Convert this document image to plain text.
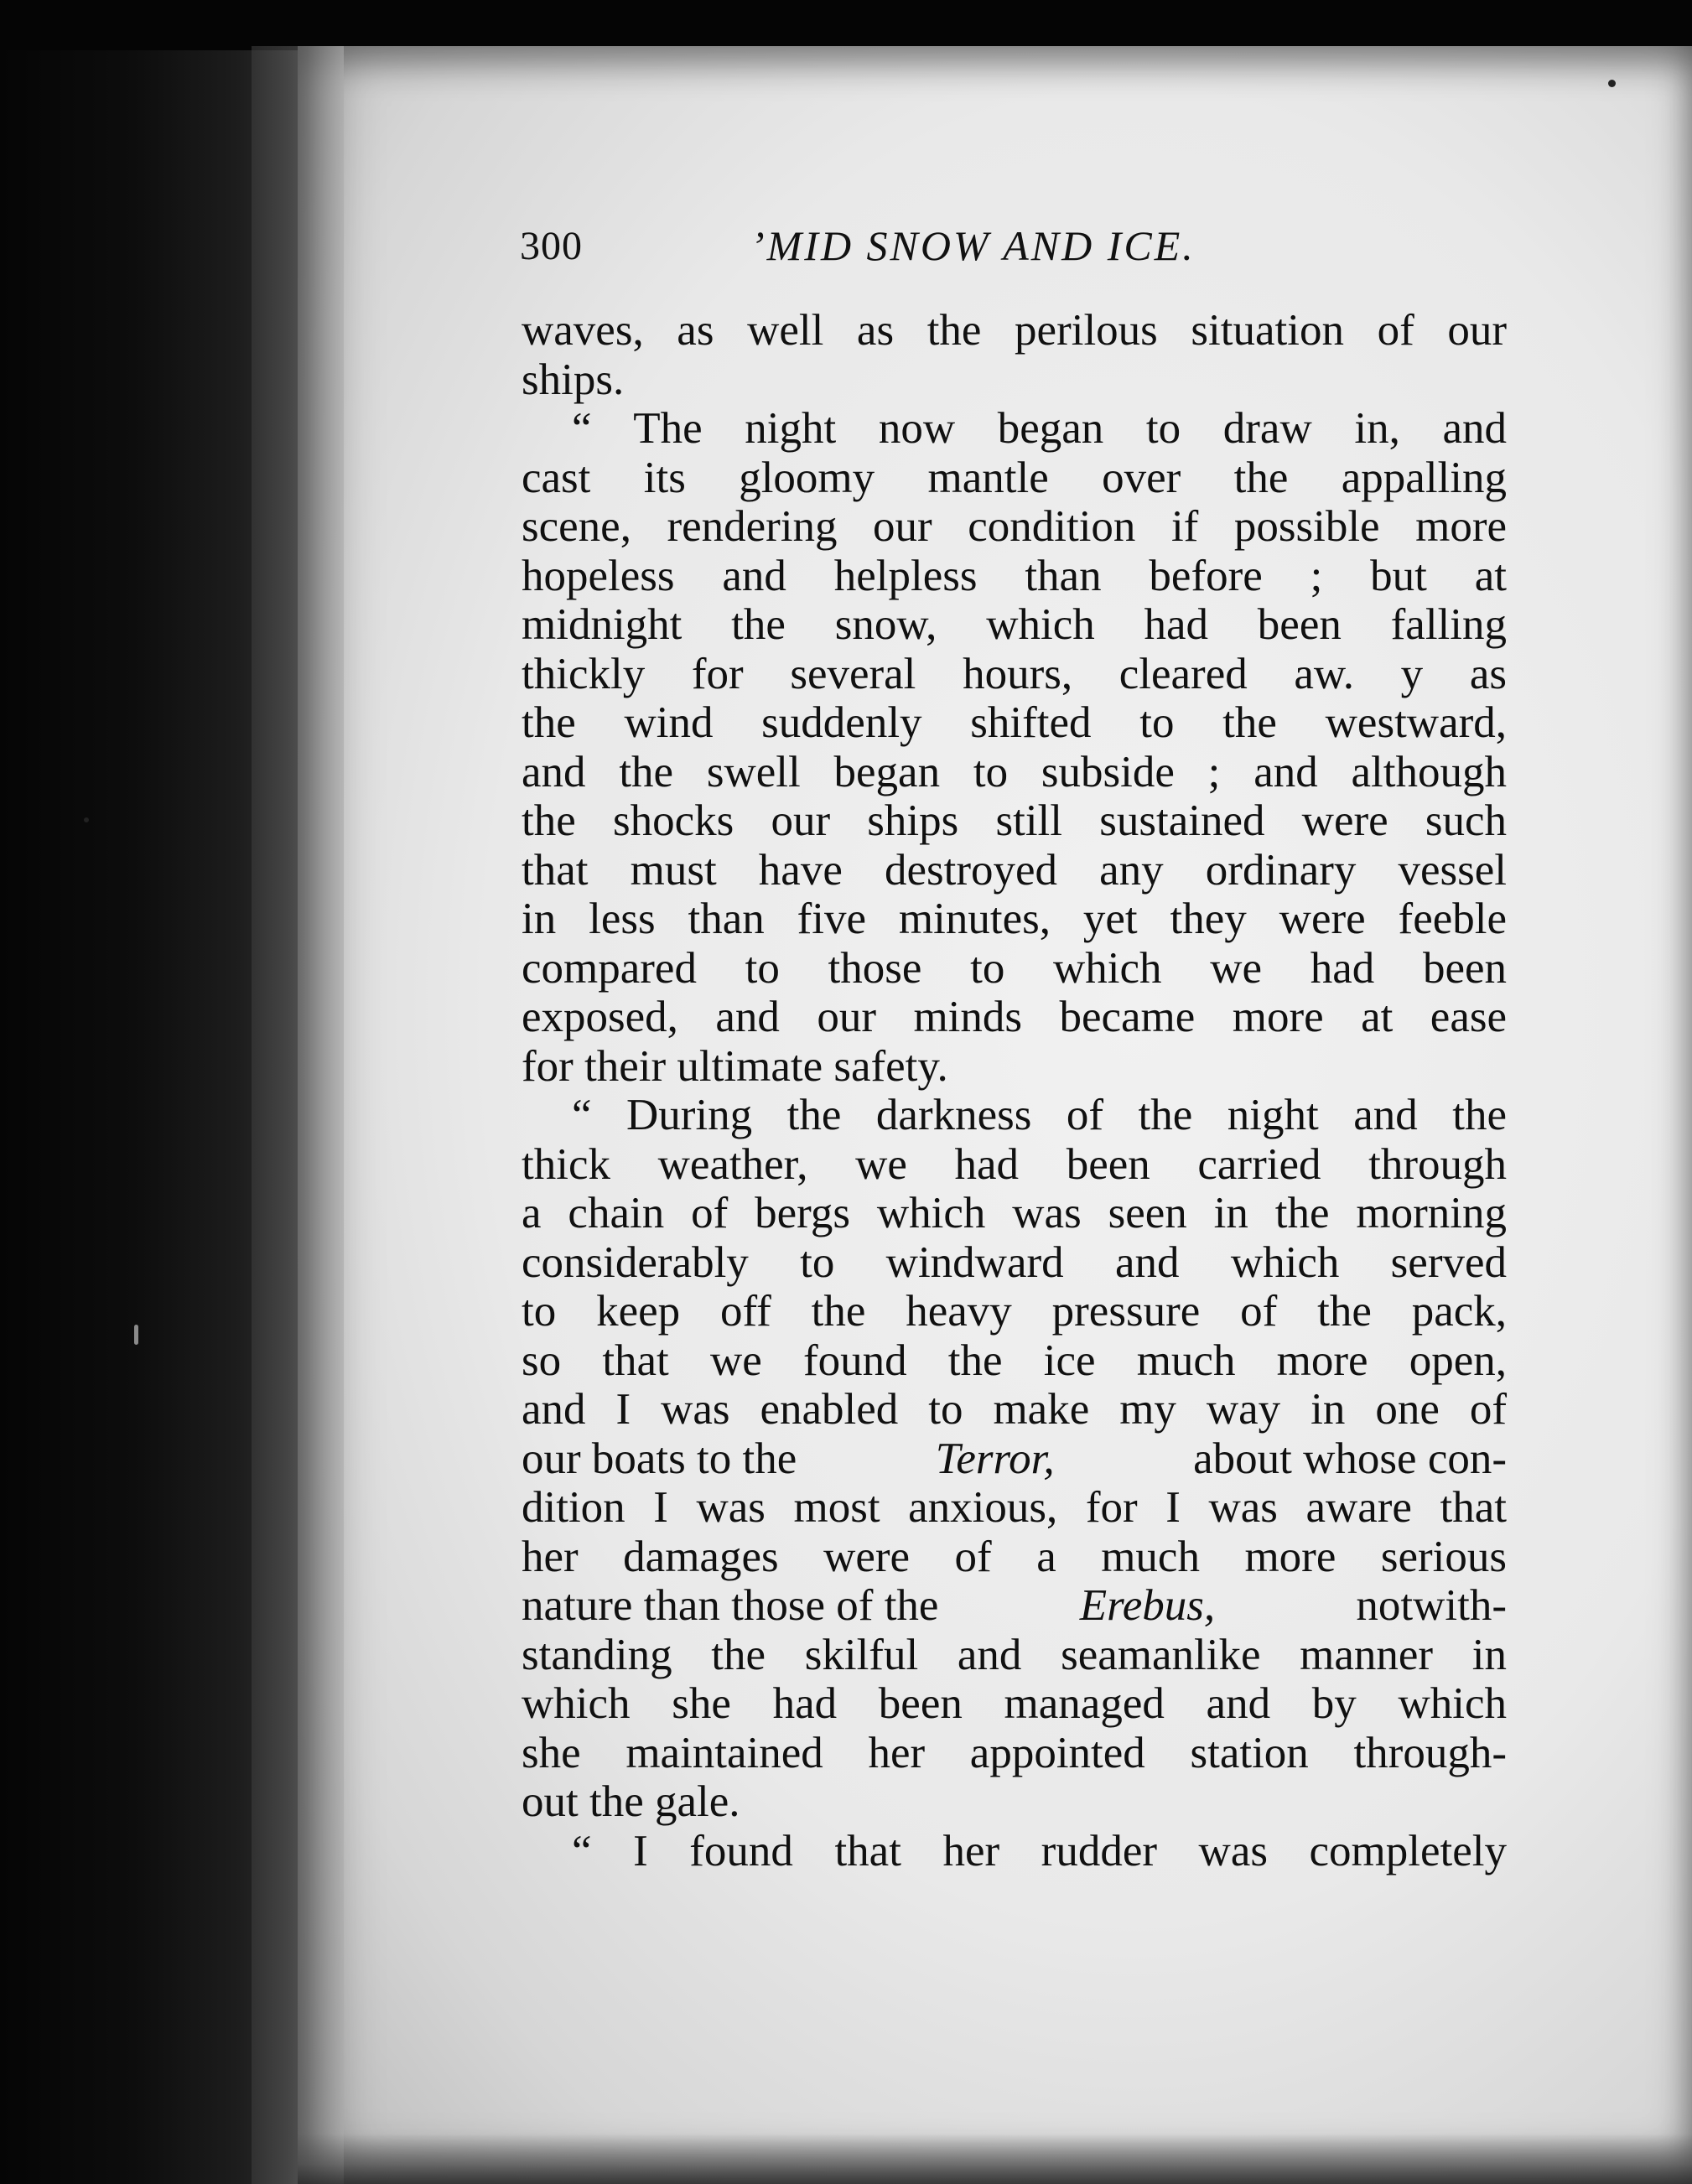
300	’MID SNOW AND ICE.

waves, as well as the perilous situation of our
ships.

“ The night now began to draw in, and
cast its gloomy mantle over the appalling
scene, rendering our condition if possible more
hopeless and helpless than before ; but at
midnight the snow, which had been falling
thickly for several hours, cleared aw. y as
the wind suddenly shifted to the westward,
and the swell began to subside ; and although
the shocks our ships still sustained were such
that must have destroyed any ordinary vessel
in less than five minutes, yet they were feeble
compared to those to which we had been
exposed, and our minds became more at ease
for their ultimate safety.

“ During the darkness of the night and the
thick weather, we had been carried through
a chain of bergs which was seen in the morning
considerably to windward and which served
to keep off the heavy pressure of the pack,
so that we found the ice much more open,
and I was enabled to make my way in one of
our boats to the	Terror,	about whose con-
dition I was most anxious, for I was aware that
her damages were of a much more serious
nature than those of the	Erebus,	notwith-
standing the skilful and seamanlike manner in
which she had been managed and by which
she maintained her appointed station through-
out the gale.

“ I found that her rudder was completely
